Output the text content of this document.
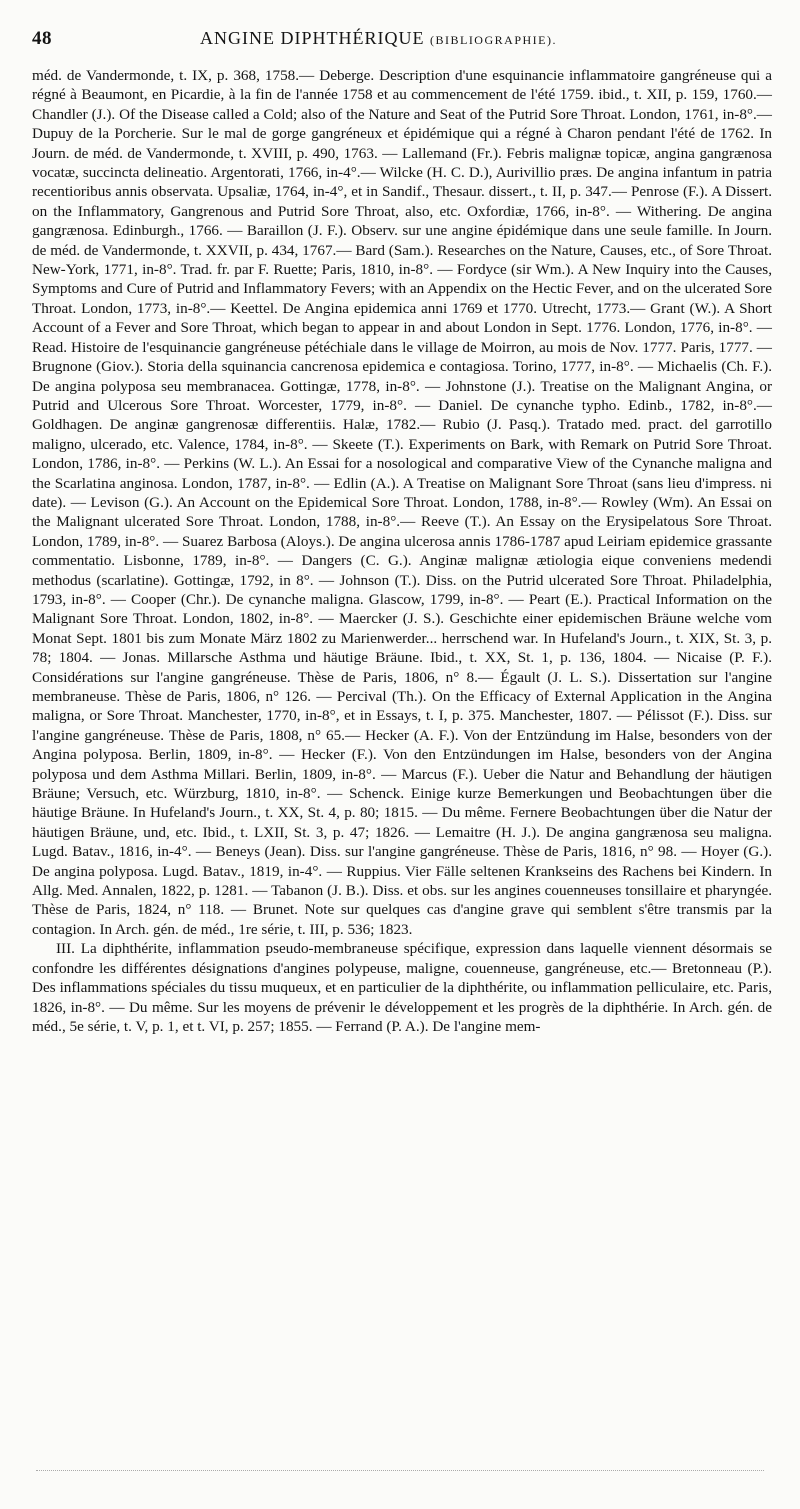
48	ANGINE DIPHTHÉRIQUE (BIBLIOGRAPHIE).

méd. de Vandermonde, t. IX, p. 368, 1758.— Deberge. Description d'une esquinancie inflammatoire gangréneuse qui a régné à Beaumont, en Picardie, à la fin de l'année 1758 et au commencement de l'été 1759. ibid., t. XII, p. 159, 1760.— Chandler (J.). Of the Disease called a Cold; also of the Nature and Seat of the Putrid Sore Throat. London, 1761, in-8°.— Dupuy de la Porcherie. Sur le mal de gorge gangréneux et épidémique qui a régné à Charon pendant l'été de 1762. In Journ. de méd. de Vandermonde, t. XVIII, p. 490, 1763. — Lallemand (Fr.). Febris malignæ topicæ, angina gangrænosa vocatæ, succincta delineatio. Argentorati, 1766, in-4°.— Wilcke (H. C. D.), Aurivillio præs. De angina infantum in patria recentioribus annis observata. Upsaliæ, 1764, in-4°, et in Sandif., Thesaur. dissert., t. II, p. 347.— Penrose (F.). A Dissert. on the Inflammatory, Gangrenous and Putrid Sore Throat, also, etc. Oxfordiæ, 1766, in-8°. — Withering. De angina gangrænosa. Edinburgh., 1766. — Baraillon (J. F.). Observ. sur une angine épidémique dans une seule famille. In Journ. de méd. de Vandermonde, t. XXVII, p. 434, 1767.— Bard (Sam.). Researches on the Nature, Causes, etc., of Sore Throat. New-York, 1771, in-8°. Trad. fr. par F. Ruette; Paris, 1810, in-8°. — Fordyce (sir Wm.). A New Inquiry into the Causes, Symptoms and Cure of Putrid and Inflammatory Fevers; with an Appendix on the Hectic Fever, and on the ulcerated Sore Throat. London, 1773, in-8°.— Keettel. De Angina epidemica anni 1769 et 1770. Utrecht, 1773.— Grant (W.). A Short Account of a Fever and Sore Throat, which began to appear in and about London in Sept. 1776. London, 1776, in-8°. — Read. Histoire de l'esquinancie gangréneuse pétéchiale dans le village de Moirron, au mois de Nov. 1777. Paris, 1777. — Brugnone (Giov.). Storia della squinancia cancrenosa epidemica e contagiosa. Torino, 1777, in-8°. — Michaelis (Ch. F.). De angina polyposa seu membranacea. Gottingæ, 1778, in-8°. — Johnstone (J.). Treatise on the Malignant Angina, or Putrid and Ulcerous Sore Throat. Worcester, 1779, in-8°. — Daniel. De cynanche typho. Edinb., 1782, in-8°.— Goldhagen. De anginæ gangrenosæ differentiis. Halæ, 1782.— Rubio (J. Pasq.). Tratado med. pract. del garrotillo maligno, ulcerado, etc. Valence, 1784, in-8°. — Skeete (T.). Experiments on Bark, with Remark on Putrid Sore Throat. London, 1786, in-8°. — Perkins (W. L.). An Essai for a nosological and comparative View of the Cynanche maligna and the Scarlatina anginosa. London, 1787, in-8°. — Edlin (A.). A Treatise on Malignant Sore Throat (sans lieu d'impress. ni date). — Levison (G.). An Account on the Epidemical Sore Throat. London, 1788, in-8°.— Rowley (Wm). An Essai on the Malignant ulcerated Sore Throat. London, 1788, in-8°.— Reeve (T.). An Essay on the Erysipelatous Sore Throat. London, 1789, in-8°. — Suarez Barbosa (Aloys.). De angina ulcerosa annis 1786-1787 apud Leiriam epidemice grassante commentatio. Lisbonne, 1789, in-8°. — Dangers (C. G.). Anginæ malignæ ætiologia eique conveniens medendi methodus (scarlatine). Gottingæ, 1792, in 8°. — Johnson (T.). Diss. on the Putrid ulcerated Sore Throat. Philadelphia, 1793, in-8°. — Cooper (Chr.). De cynanche maligna. Glascow, 1799, in-8°. — Peart (E.). Practical Information on the Malignant Sore Throat. London, 1802, in-8°. — Maercker (J. S.). Geschichte einer epidemischen Bräune welche vom Monat Sept. 1801 bis zum Monate März 1802 zu Marienwerder... herrschend war. In Hufeland's Journ., t. XIX, St. 3, p. 78; 1804. — Jonas. Millarsche Asthma und häutige Bräune. Ibid., t. XX, St. 1, p. 136, 1804. — Nicaise (P. F.). Considérations sur l'angine gangréneuse. Thèse de Paris, 1806, n° 8.— Égault (J. L. S.). Dissertation sur l'angine membraneuse. Thèse de Paris, 1806, n° 126. — Percival (Th.). On the Efficacy of External Application in the Angina maligna, or Sore Throat. Manchester, 1770, in-8°, et in Essays, t. I, p. 375. Manchester, 1807. — Pélissot (F.). Diss. sur l'angine gangréneuse. Thèse de Paris, 1808, n° 65.— Hecker (A. F.). Von der Entzündung im Halse, besonders von der Angina polyposa. Berlin, 1809, in-8°. — Hecker (F.). Von den Entzündungen im Halse, besonders von der Angina polyposa und dem Asthma Millari. Berlin, 1809, in-8°. — Marcus (F.). Ueber die Natur and Behandlung der häutigen Bräune; Versuch, etc. Würzburg, 1810, in-8°. — Schenck. Einige kurze Bemerkungen und Beobachtungen über die häutige Bräune. In Hufeland's Journ., t. XX, St. 4, p. 80; 1815. — Du même. Fernere Beobachtungen über die Natur der häutigen Bräune, und, etc. Ibid., t. LXII, St. 3, p. 47; 1826. — Lemaitre (H. J.). De angina gangrænosa seu maligna. Lugd. Batav., 1816, in-4°. — Beneys (Jean). Diss. sur l'angine gangréneuse. Thèse de Paris, 1816, n° 98. — Hoyer (G.). De angina polyposa. Lugd. Batav., 1819, in-4°. — Ruppius. Vier Fälle seltenen Krankseins des Rachens bei Kindern. In Allg. Med. Annalen, 1822, p. 1281. — Tabanon (J. B.). Diss. et obs. sur les angines couenneuses tonsillaire et pharyngée. Thèse de Paris, 1824, n° 118. — Brunet. Note sur quelques cas d'angine grave qui semblent s'être transmis par la contagion. In Arch. gén. de méd., 1re série, t. III, p. 536; 1823.

III. La diphthérite, inflammation pseudo-membraneuse spécifique, expression dans laquelle viennent désormais se confondre les différentes désignations d'angines polypeuse, maligne, couenneuse, gangréneuse, etc.— Bretonneau (P.). Des inflammations spéciales du tissu muqueux, et en particulier de la diphthérite, ou inflammation pelliculaire, etc. Paris, 1826, in-8°. — Du même. Sur les moyens de prévenir le développement et les progrès de la diphthérie. In Arch. gén. de méd., 5e série, t. V, p. 1, et t. VI, p. 257; 1855. — Ferrand (P. A.). De l'angine mem-
